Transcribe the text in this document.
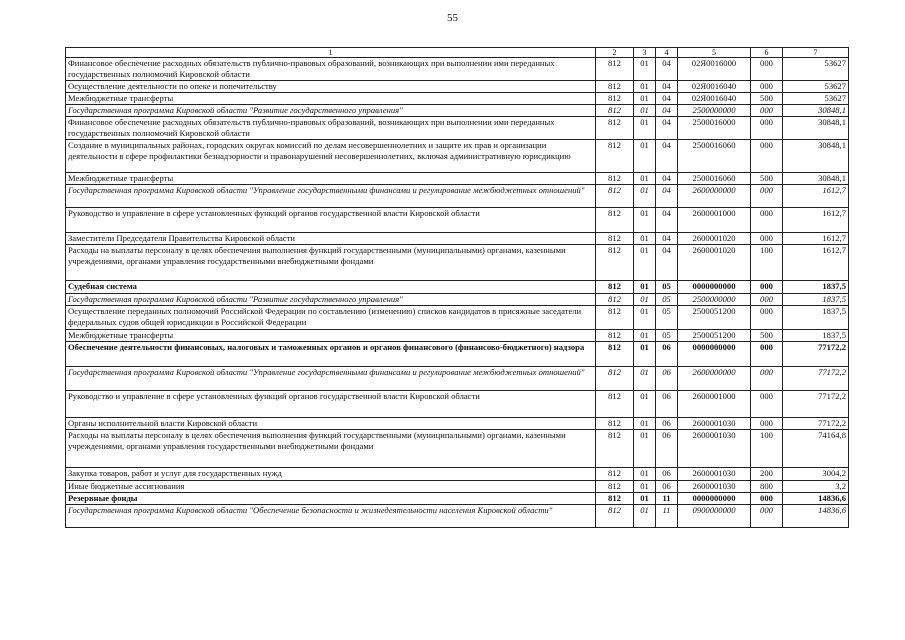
55
1	2	3	4	5	6	7
Финансовое обеспечение расходных обязательств публично-правовых образований, возникающих при выполнении ими переданных государственных полномочий Кировской области	812	01	04	02Я0016000	000	53627
Осуществление деятельности по опеке и попечительству	812	01	04	02Я0016040	000	53627
Межбюджетные трансферты	812	01	04	02Я0016040	500	53627
Государственная программа Кировской области "Развитие государственного управления"	812	01	04	2500000000	000	30848,1
Финансовое обеспечение расходных обязательств публично-правовых образований, возникающих при выполнении ими переданных государственных полномочий Кировской области	812	01	04	2500016000	000	30848,1
Создание в муниципальных районах, городских округах комиссий по делам несовершеннолетних и защите их прав и организации деятельности в сфере профилактики безнадзорности и правонарушений несовершеннолетних, включая административную юрисдикцию	812	01	04	2500016060	000	30848,1
Межбюджетные трансферты	812	01	04	2500016060	500	30848,1
Государственная программа Кировской области "Управление государственными финансами и регулирование межбюджетных отношений"	812	01	04	2600000000	000	1612,7
Руководство и управление в сфере установленных функций органов государственной власти Кировской области	812	01	04	2600001000	000	1612,7
Заместители Председателя Правительства Кировской области	812	01	04	2600001020	000	1612,7
Расходы на выплаты персоналу в целях обеспечения выполнения функций государственными (муниципальными) органами, казенными учреждениями, органами управления государственными внебюджетными фондами	812	01	04	2600001020	100	1612,7
Судебная система	812	01	05	0000000000	000	1837,5
Государственная программа Кировской области "Развитие государственного управления"	812	01	05	2500000000	000	1837,5
Осуществление переданных полномочий Российской Федерации по составлению (изменению) списков кандидатов в присяжные заседатели федеральных судов общей юрисдикции в Российской Федерации	812	01	05	2500051200	000	1837,5
Межбюджетные трансферты	812	01	05	2500051200	500	1837,5
Обеспечение деятельности финансовых, налоговых и таможенных органов и органов финансового (финансово-бюджетного) надзора	812	01	06	0000000000	000	77172,2
Государственная программа Кировской области "Управление государственными финансами и регулирование межбюджетных отношений"	812	01	06	2600000000	000	77172,2
Руководство и управление в сфере установленных функций органов государственной власти Кировской области	812	01	06	2600001000	000	77172,2
Органы исполнительной власти Кировской области	812	01	06	2600001030	000	77172,2
Расходы на выплаты персоналу в целях обеспечения выполнения функций государственными (муниципальными) органами, казенными учреждениями, органами управления государственными внебюджетными фондами	812	01	06	2600001030	100	74164,8
Закупка товаров, работ и услуг для государственных нужд	812	01	06	2600001030	200	3004,2
Иные бюджетные ассигнования	812	01	06	2600001030	800	3,2
Резервные фонды	812	01	11	0000000000	000	14836,6
Государственная программа Кировской области "Обеспечение безопасности и жизнедеятельности населения Кировской области"	812	01	11	0900000000	000	14836,6
